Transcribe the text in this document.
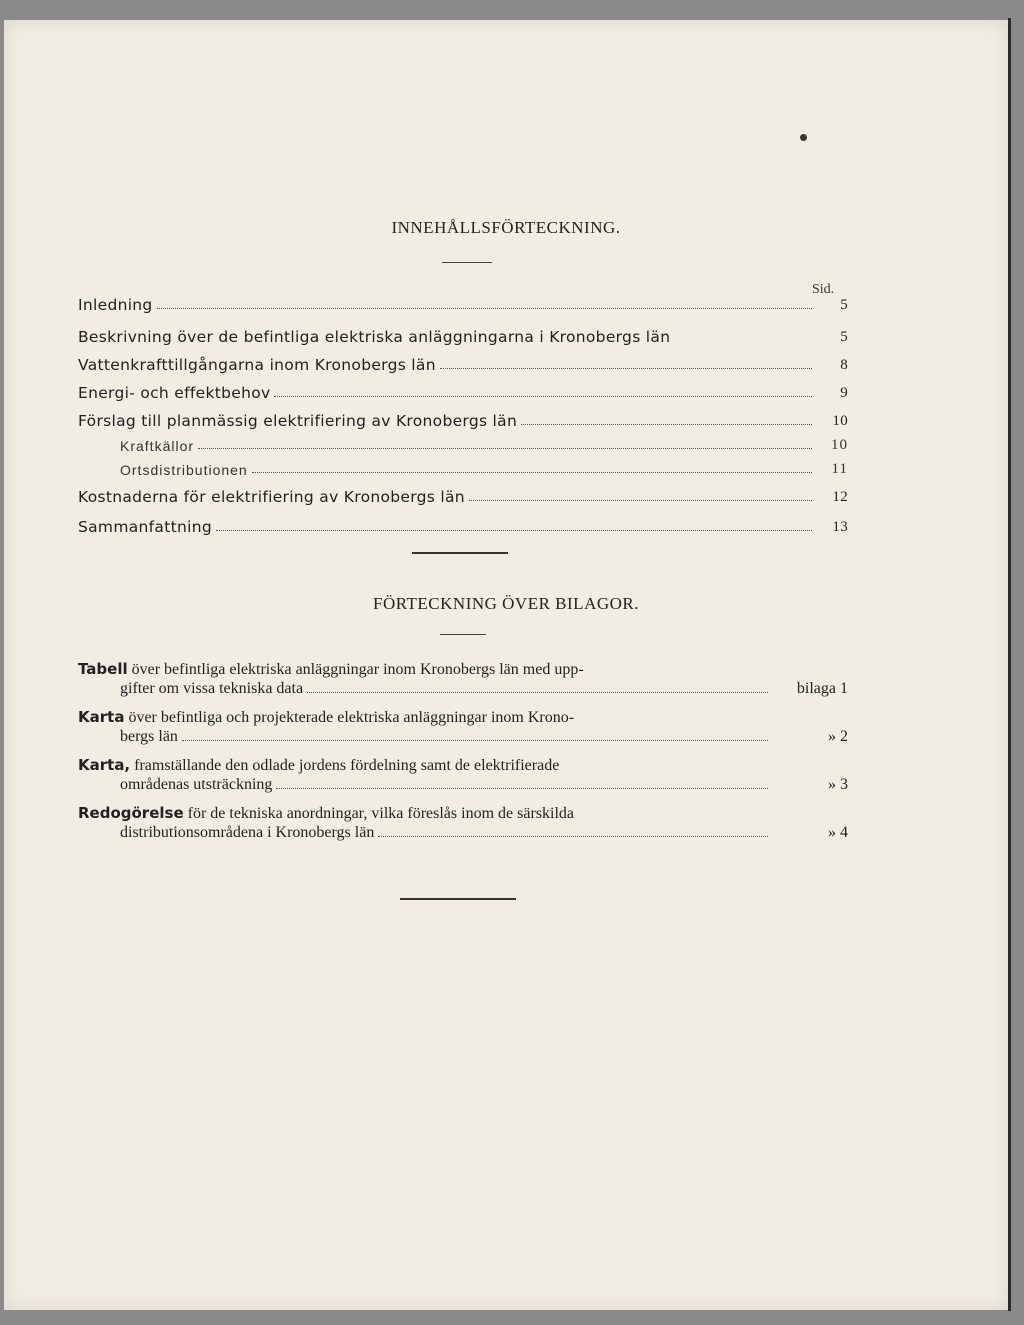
INNEHÅLLSFÖRTECKNING.
Sid.
Inledning	5
Beskrivning över de befintliga elektriska anläggningarna i Kronobergs län	5
Vattenkrafttillgångarna inom Kronobergs län	8
Energi- och effektbehov	9
Förslag till planmässig elektrifiering av Kronobergs län	10
Kraftkällor	10
Ortsdistributionen	11
Kostnaderna för elektrifiering av Kronobergs län	12
Sammanfattning	13
FÖRTECKNING ÖVER BILAGOR.
Tabell över befintliga elektriska anläggningar inom Kronobergs län med upp-
gifter om vissa tekniska data	bilaga 1
Karta över befintliga och projekterade elektriska anläggningar inom Krono-
bergs län	» 2
Karta, framställande den odlade jordens fördelning samt de elektrifierade
områdenas utsträckning	» 3
Redogörelse för de tekniska anordningar, vilka föreslås inom de särskilda
distributionsområdena i Kronobergs län	» 4
